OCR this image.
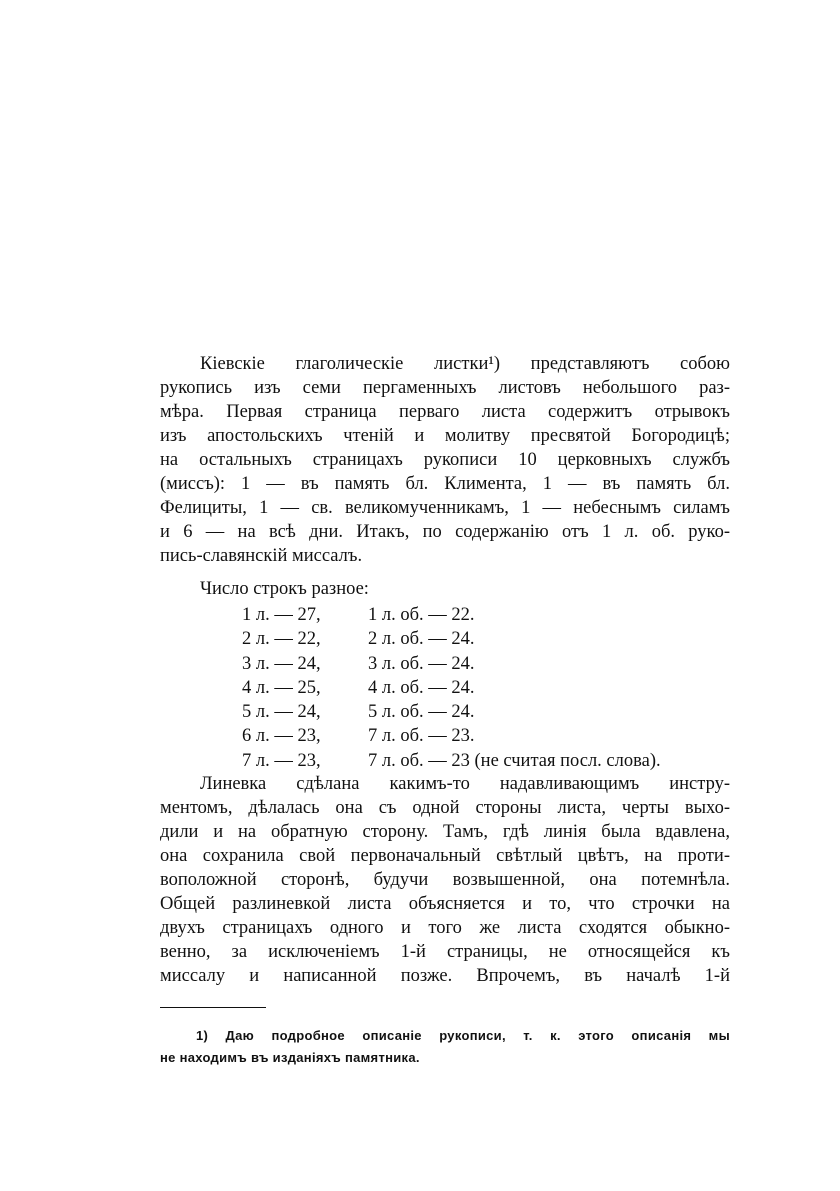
Кіевскіе глаголическіе листки¹) представляютъ собою
рукопись изъ семи пергаменныхъ листовъ небольшого раз-
мѣра. Первая страница перваго листа содержитъ отрывокъ
изъ апостольскихъ чтеній и молитву пресвятой Богородицѣ;
на остальныхъ страницахъ рукописи 10 церковныхъ службъ
(миссъ): 1 — въ память бл. Климента, 1 — въ память бл.
Фелициты, 1 — св. великомученникамъ, 1 — небеснымъ силамъ
и 6 — на всѣ дни. Итакъ, по содержанію отъ 1 л. об. руко-
пись-славянскій миссалъ.
Число строкъ разное:
1 л. — 27,	1 л. об. — 22.
2 л. — 22,	2 л. об. — 24.
3 л. — 24,	3 л. об. — 24.
4 л. — 25,	4 л. об. — 24.
5 л. — 24,	5 л. об. — 24.
6 л. — 23,	7 л. об. — 23.
7 л. — 23,	7 л. об. — 23 (не считая посл. слова).
Линевка сдѣлана какимъ-то надавливающимъ инстру-
ментомъ, дѣлалась она съ одной стороны листа, черты выхо-
дили и на обратную сторону. Тамъ, гдѣ линія была вдавлена,
она сохранила свой первоначальный свѣтлый цвѣтъ, на проти-
воположной сторонѣ, будучи возвышенной, она потемнѣла.
Общей разлиневкой листа объясняется и то, что строчки на
двухъ страницахъ одного и того же листа сходятся обыкно-
венно, за исключеніемъ 1-й страницы, не относящейся къ
миссалу и написанной позже. Впрочемъ, въ началѣ 1-й
1) Даю подробное описаніе рукописи, т. к. этого описанія мы
не находимъ въ изданіяхъ памятника.
